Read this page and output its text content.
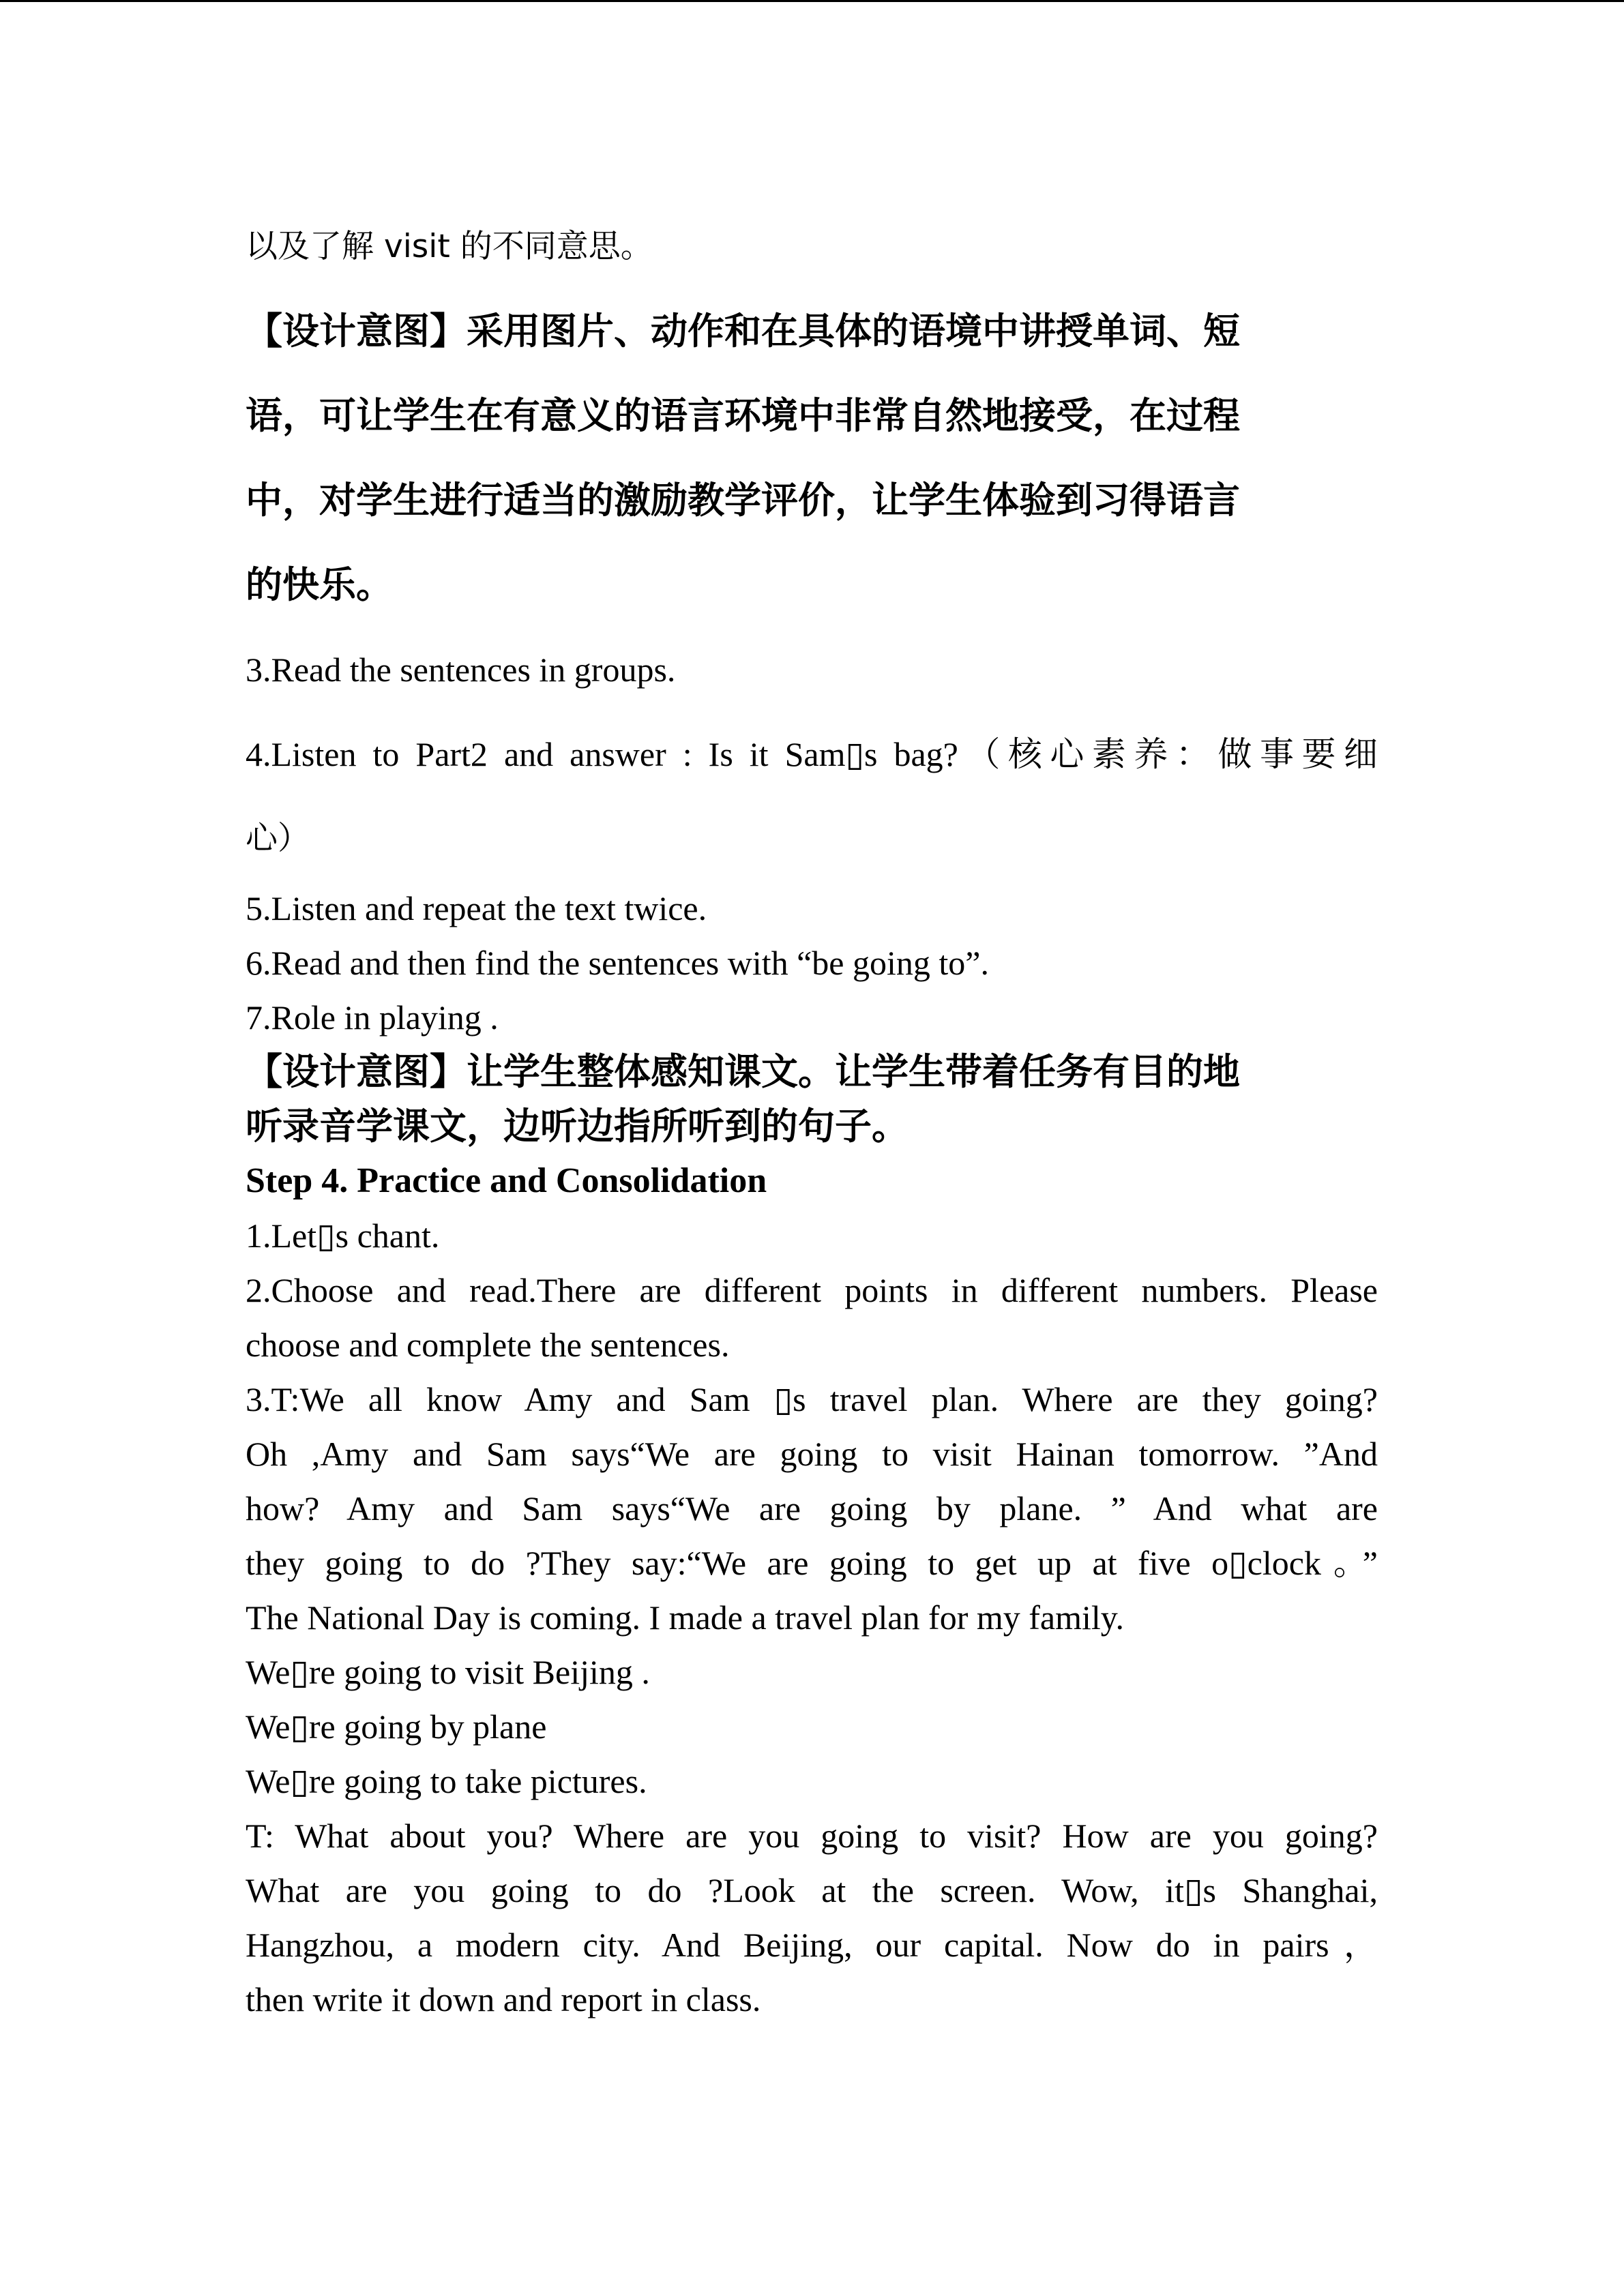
以及了解 visit 的不同意思。
【设计意图】采用图片、动作和在具体的语境中讲授单词、短
语，可让学生在有意义的语言环境中非常自然地接受，在过程
中，对学生进行适当的激励教学评价，让学生体验到习得语言
的快乐。
3.Read the sentences in groups.
4.Listen to Part2 and answer : Is it Sam▯s bag?（核心素养：做事要细
心）
5.Listen and repeat the text twice.
6.Read and then find the sentences with “be going to”.
7.Role in playing .
【设计意图】让学生整体感知课文。让学生带着任务有目的地
听录音学课文，边听边指所听到的句子。
Step 4. Practice and Consolidation
1.Let▯s chant.
2.Choose and read.There are different points in different numbers. Please
choose and complete the sentences.
3.T:We all know Amy and Sam ▯s travel plan. Where are they going?
Oh ,Amy and Sam says“We are going to visit Hainan tomorrow. ”And
how? Amy and Sam says“We are going by plane. ” And what are
they going to do ?They say:“We are going to get up at five o▯clock。”
The National Day is coming. I made a travel plan for my family.
We▯re going to visit Beijing .
We▯re going by plane
We▯re going to take pictures.
T: What about you? Where are you going to visit? How are you going?
What are you going to do ?Look at the screen. Wow, it▯s Shanghai,
Hangzhou, a modern city. And Beijing, our capital. Now do in pairs，
then write it down and report in class.
